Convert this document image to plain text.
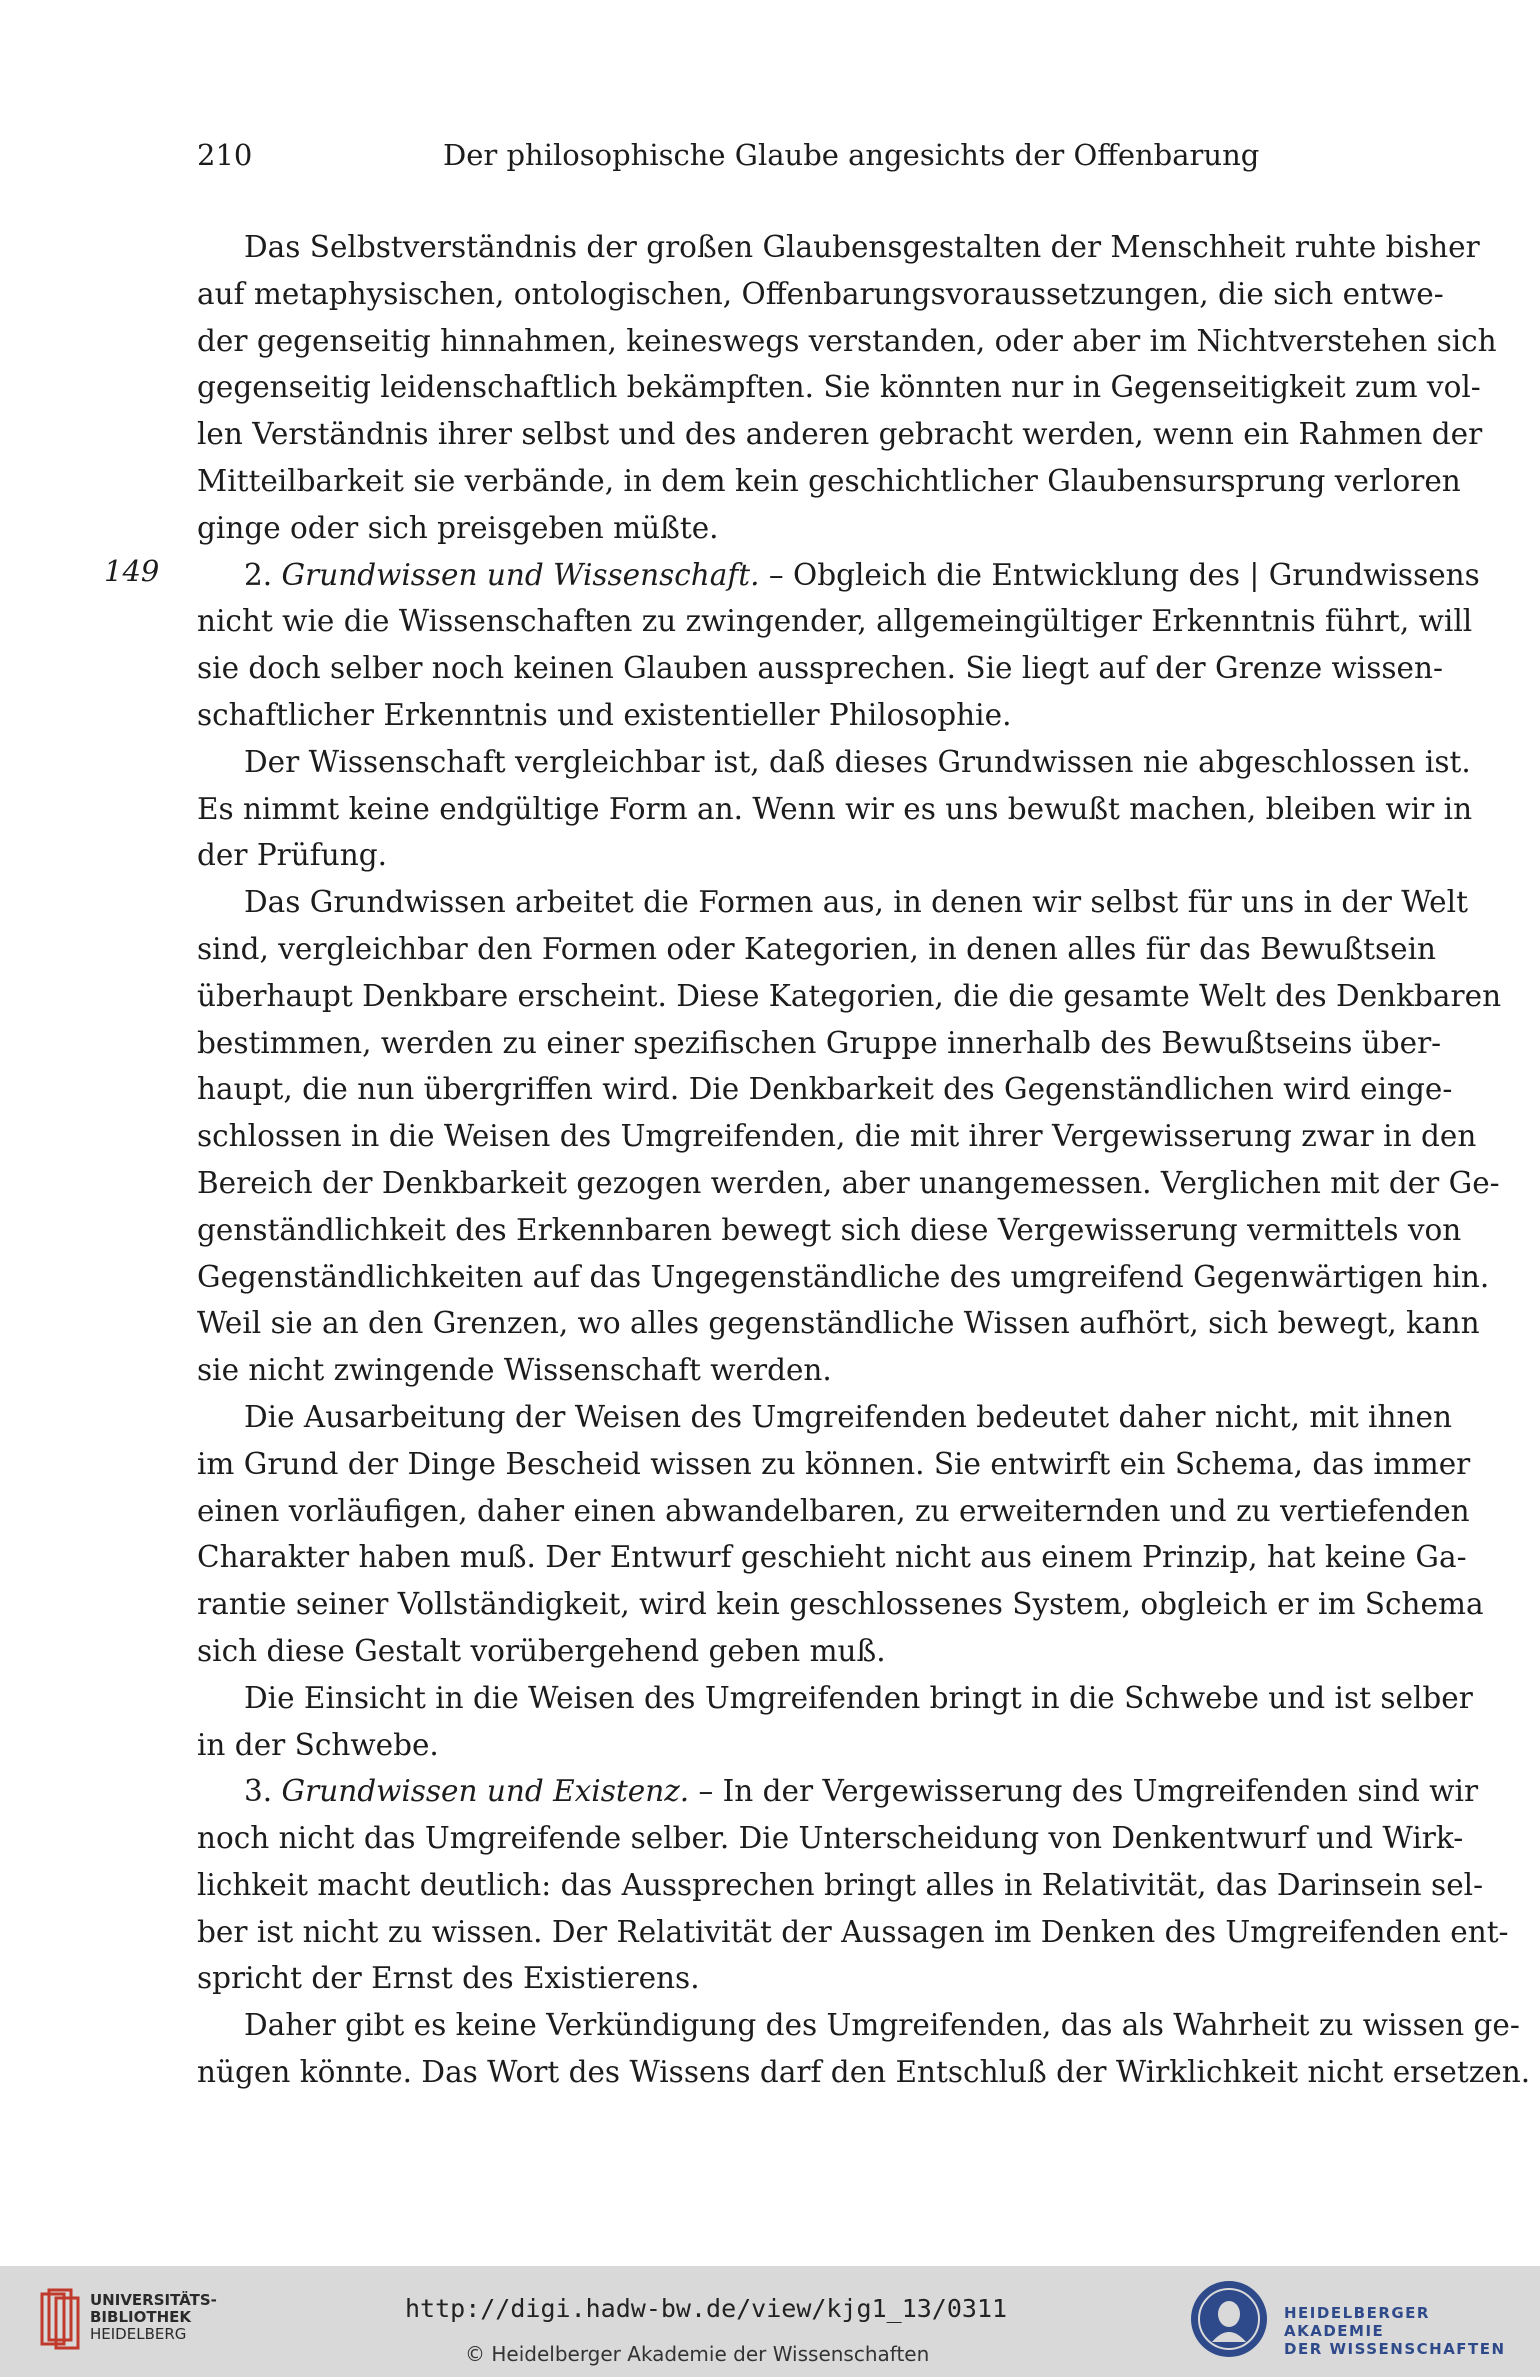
210	Der philosophische Glaube angesichts der Offenbarung
149
Das Selbstverständnis der großen Glaubensgestalten der Menschheit ruhte bisher
auf metaphysischen, ontologischen, Offenbarungsvoraussetzungen, die sich entwe-
der gegenseitig hinnahmen, keineswegs verstanden, oder aber im Nichtverstehen sich
gegenseitig leidenschaftlich bekämpften. Sie könnten nur in Gegenseitigkeit zum vol-
len Verständnis ihrer selbst und des anderen gebracht werden, wenn ein Rahmen der
Mitteilbarkeit sie verbände, in dem kein geschichtlicher Glaubensursprung verloren
ginge oder sich preisgeben müßte.
2. Grundwissen und Wissenschaft. – Obgleich die Entwicklung des | Grundwissens
nicht wie die Wissenschaften zu zwingender, allgemeingültiger Erkenntnis führt, will
sie doch selber noch keinen Glauben aussprechen. Sie liegt auf der Grenze wissen-
schaftlicher Erkenntnis und existentieller Philosophie.
Der Wissenschaft vergleichbar ist, daß dieses Grundwissen nie abgeschlossen ist.
Es nimmt keine endgültige Form an. Wenn wir es uns bewußt machen, bleiben wir in
der Prüfung.
Das Grundwissen arbeitet die Formen aus, in denen wir selbst für uns in der Welt
sind, vergleichbar den Formen oder Kategorien, in denen alles für das Bewußtsein
überhaupt Denkbare erscheint. Diese Kategorien, die die gesamte Welt des Denkbaren
bestimmen, werden zu einer spezifischen Gruppe innerhalb des Bewußtseins über-
haupt, die nun übergriffen wird. Die Denkbarkeit des Gegenständlichen wird einge-
schlossen in die Weisen des Umgreifenden, die mit ihrer Vergewisserung zwar in den
Bereich der Denkbarkeit gezogen werden, aber unangemessen. Verglichen mit der Ge-
genständlichkeit des Erkennbaren bewegt sich diese Vergewisserung vermittels von
Gegenständlichkeiten auf das Ungegenständliche des umgreifend Gegenwärtigen hin.
Weil sie an den Grenzen, wo alles gegenständliche Wissen aufhört, sich bewegt, kann
sie nicht zwingende Wissenschaft werden.
Die Ausarbeitung der Weisen des Umgreifenden bedeutet daher nicht, mit ihnen
im Grund der Dinge Bescheid wissen zu können. Sie entwirft ein Schema, das immer
einen vorläufigen, daher einen abwandelbaren, zu erweiternden und zu vertiefenden
Charakter haben muß. Der Entwurf geschieht nicht aus einem Prinzip, hat keine Ga-
rantie seiner Vollständigkeit, wird kein geschlossenes System, obgleich er im Schema
sich diese Gestalt vorübergehend geben muß.
Die Einsicht in die Weisen des Umgreifenden bringt in die Schwebe und ist selber
in der Schwebe.
3. Grundwissen und Existenz. – In der Vergewisserung des Umgreifenden sind wir
noch nicht das Umgreifende selber. Die Unterscheidung von Denkentwurf und Wirk-
lichkeit macht deutlich: das Aussprechen bringt alles in Relativität, das Darinsein sel-
ber ist nicht zu wissen. Der Relativität der Aussagen im Denken des Umgreifenden ent-
spricht der Ernst des Existierens.
Daher gibt es keine Verkündigung des Umgreifenden, das als Wahrheit zu wissen ge-
nügen könnte. Das Wort des Wissens darf den Entschluß der Wirklichkeit nicht ersetzen.
UNIVERSITÄTS-
BIBLIOTHEK
HEIDELBERG
http://digi.hadw-bw.de/view/kjg1_13/0311
© Heidelberger Akademie der Wissenschaften
HEIDELBERGER AKADEMIE
DER WISSENSCHAFTEN
